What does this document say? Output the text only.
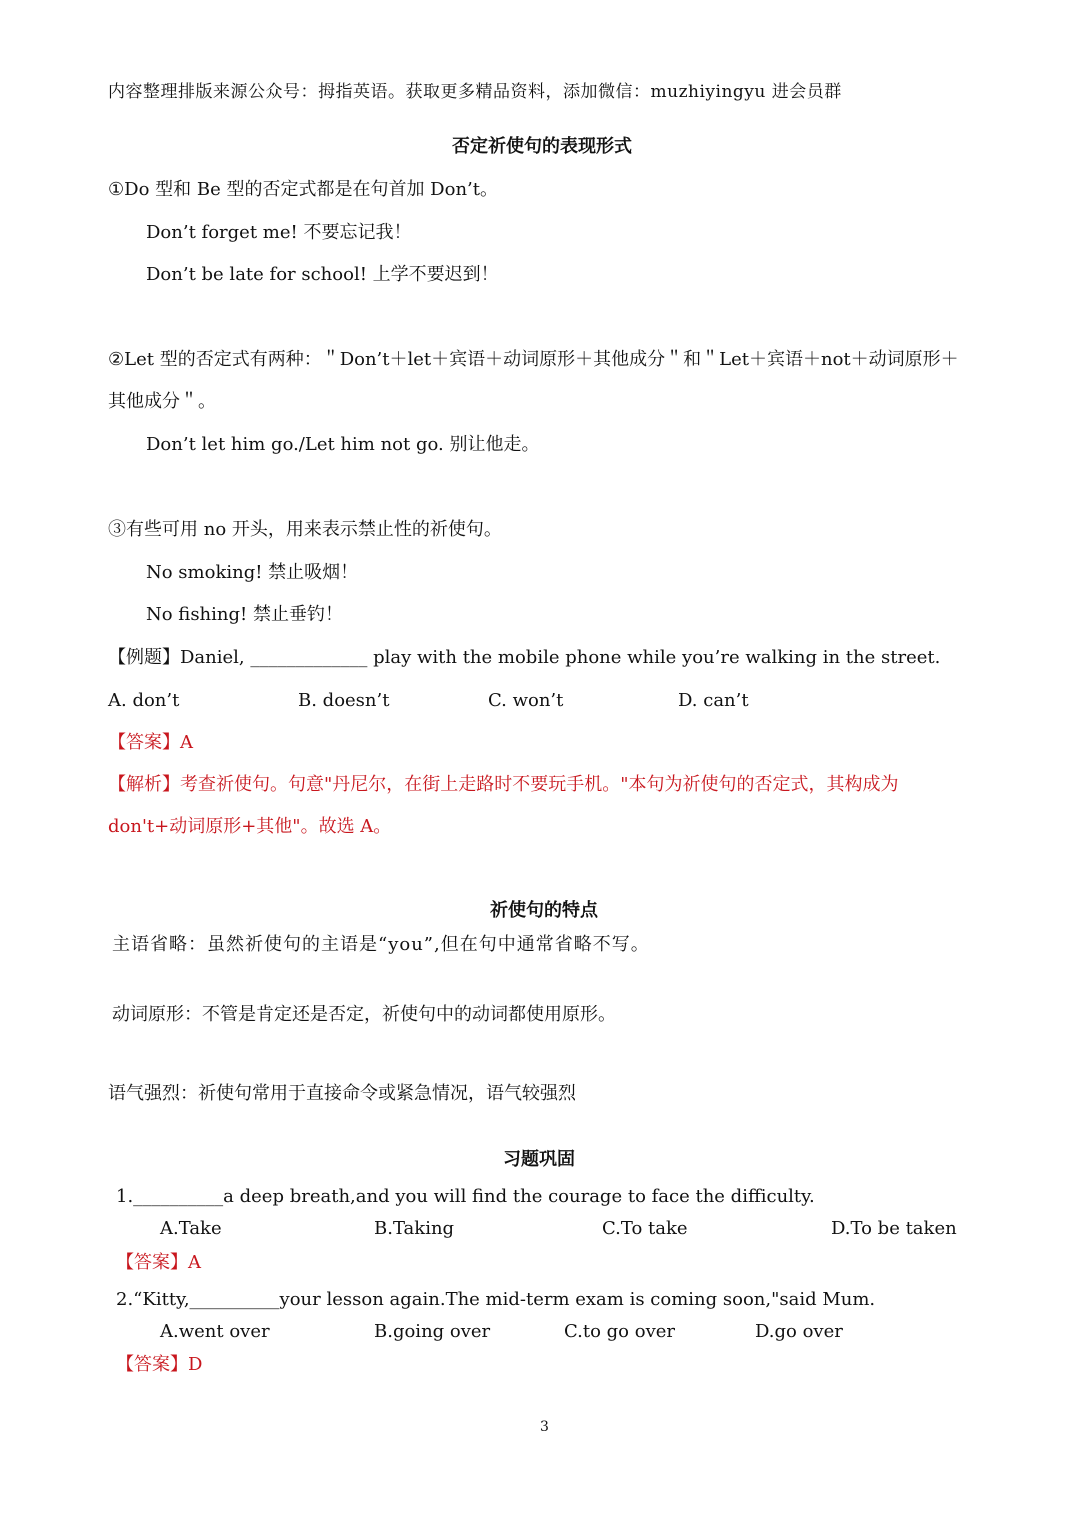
内容整理排版来源公众号：拇指英语。获取更多精品资料，添加微信：muzhiyingyu 进会员群
否定祈使句的表现形式
①Do 型和 Be 型的否定式都是在句首加 Don’t。
Don’t forget me! 不要忘记我！
Don’t be late for school! 上学不要迟到！
②Let 型的否定式有两种：＂Don’t＋let＋宾语＋动词原形＋其他成分＂和＂Let＋宾语＋not＋动词原形＋
其他成分＂。
Don’t let him go./Let him not go. 别让他走。
③有些可用 no 开头，用来表示禁止性的祈使句。
No smoking! 禁止吸烟！
No fishing! 禁止垂钓！
【例题】Daniel, _____________ play with the mobile phone while you’re walking in the street.
A. don’t	B. doesn’t	C. won’t	D. can’t
【答案】A
【解析】考查祈使句。句意"丹尼尔，在街上走路时不要玩手机。"本句为祈使句的否定式，其构成为
don't+动词原形+其他"。故选 A。
祈使句的特点
主语省略：虽然祈使句的主语是“you”,但在句中通常省略不写。
动词原形：不管是肯定还是否定，祈使句中的动词都使用原形。
语气强烈：祈使句常用于直接命令或紧急情况，语气较强烈
习题巩固
1.__________a deep breath,and you will find the courage to face the difficulty.
A.Take	B.Taking	C.To take	D.To be taken
【答案】A
2.“Kitty,__________your lesson again.The mid-term exam is coming soon,"said Mum.
A.went over	B.going over	C.to go over	D.go over
【答案】D
3
